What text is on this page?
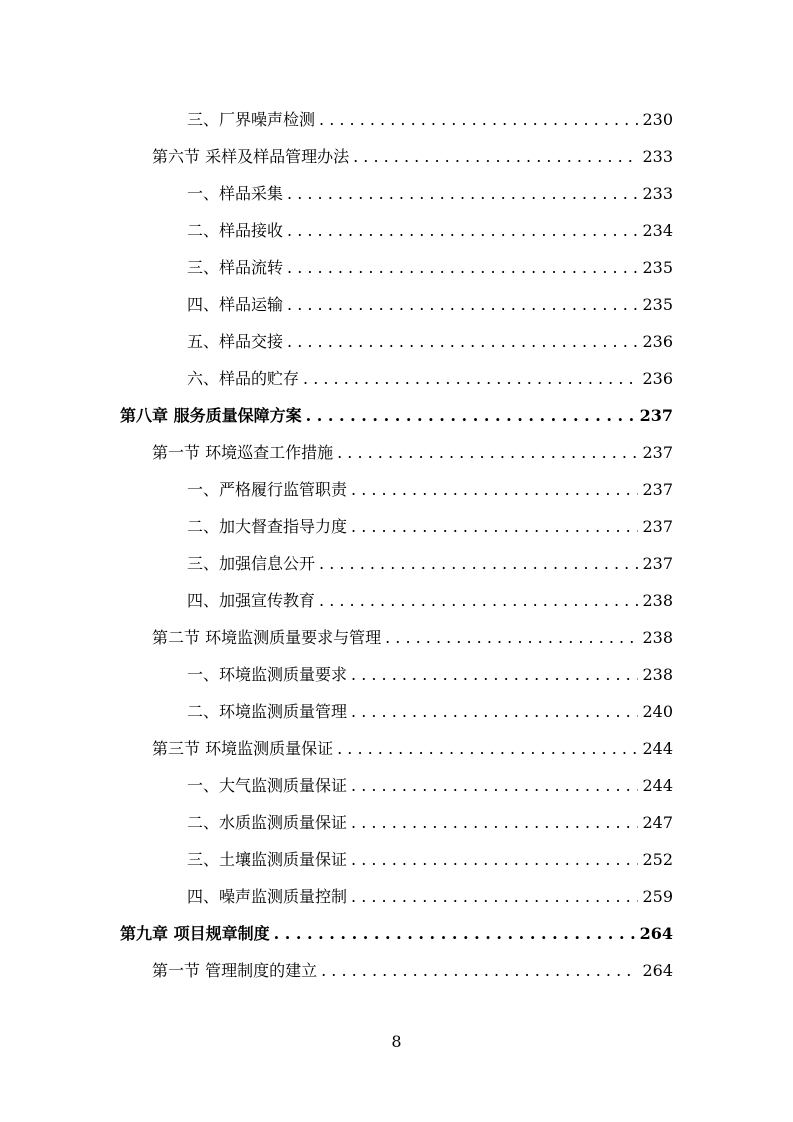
三、厂界噪声检测 . . .	230
第六节 采样及样品管理办法 . . .	233
一、样品采集 . . .	233
二、样品接收 . . .	234
三、样品流转 . . .	235
四、样品运输 . . .	235
五、样品交接 . . .	236
六、样品的贮存 . . .	236
第八章 服务质量保障方案 . . .	237
第一节 环境巡查工作措施 . . .	237
一、严格履行监管职责 . . .	237
二、加大督查指导力度 . . .	237
三、加强信息公开 . . .	237
四、加强宣传教育 . . .	238
第二节 环境监测质量要求与管理 . . .	238
一、环境监测质量要求 . . .	238
二、环境监测质量管理 . . .	240
第三节 环境监测质量保证 . . .	244
一、大气监测质量保证 . . .	244
二、水质监测质量保证 . . .	247
三、土壤监测质量保证 . . .	252
四、噪声监测质量控制 . . .	259
第九章 项目规章制度 . . .	264
第一节 管理制度的建立 . . .	264
8
